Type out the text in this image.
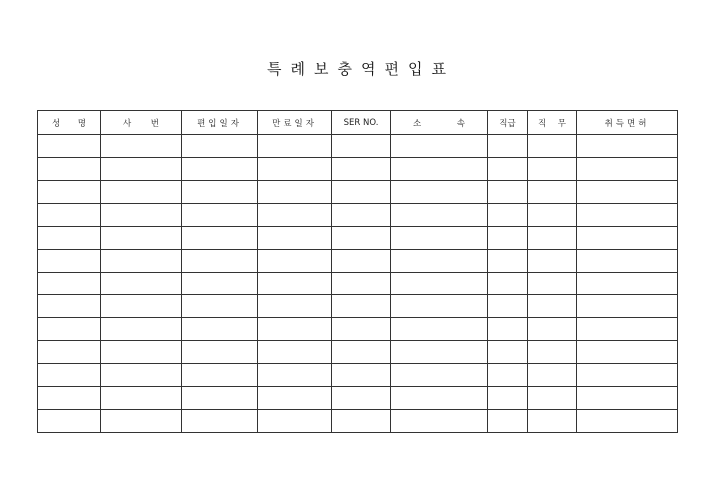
특례보충역편입표
성 명	사 번	편입일자	만료일자	SER NO.	소 속	직급	직 무	취득면허
